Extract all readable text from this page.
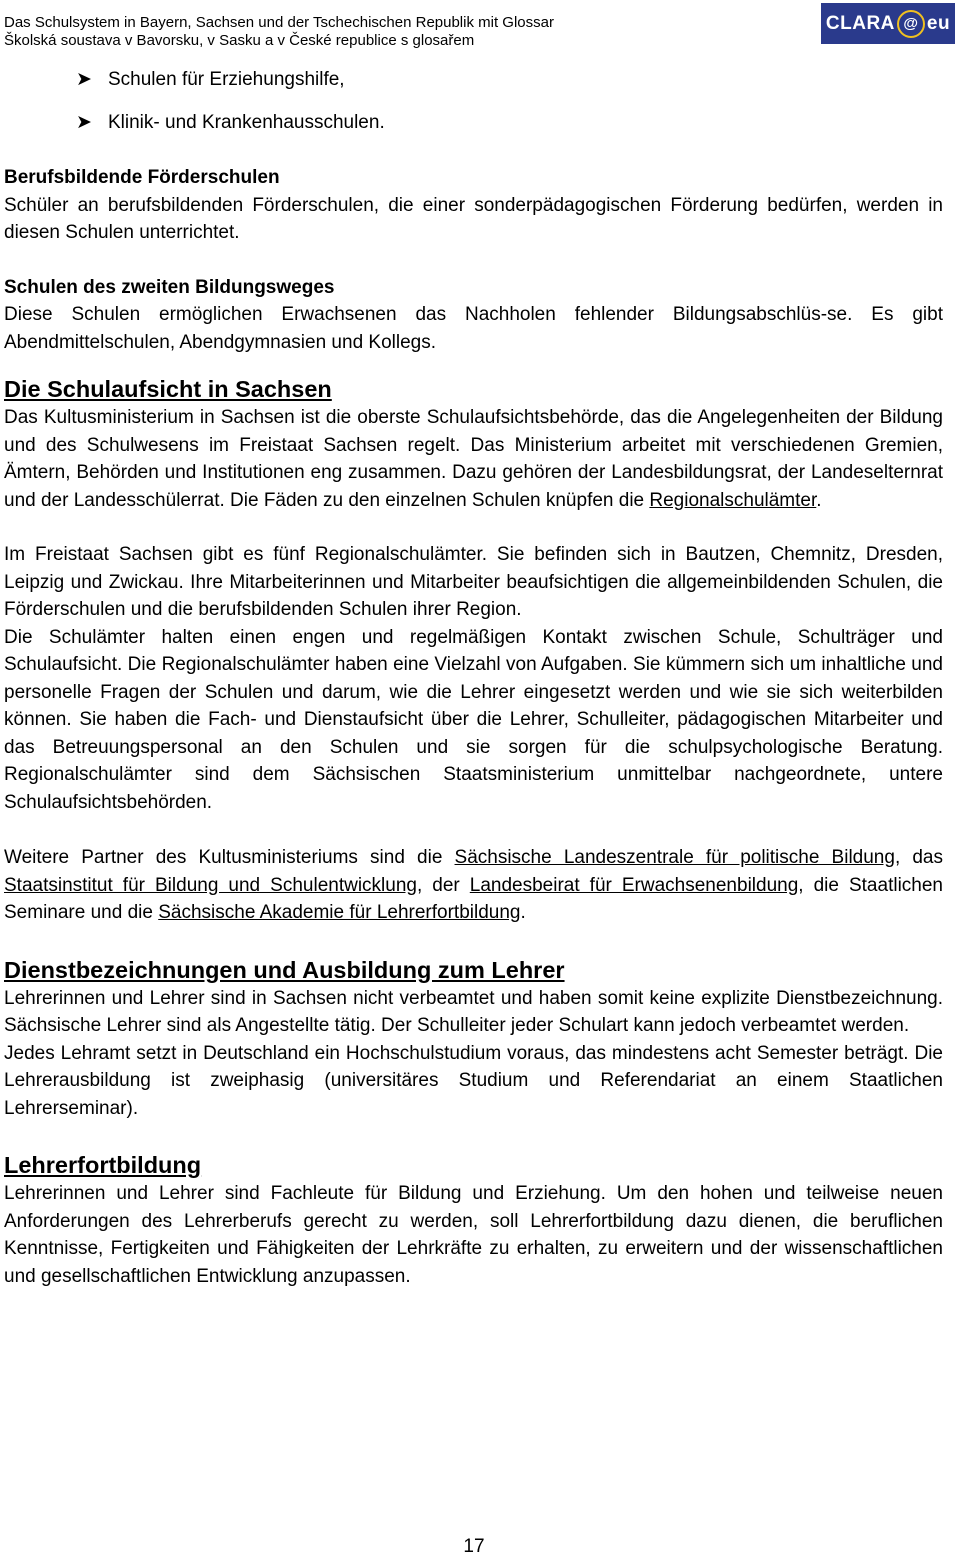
Das Schulsystem in Bayern, Sachsen und der Tschechischen Republik mit Glossar
Školská soustava v Bavorsku, v Sasku a v České republice s glosařem
CLARA @ eu
➤ Schulen für Erziehungshilfe,
➤ Klinik- und Krankenhausschulen.
Berufsbildende Förderschulen

Schüler an berufsbildenden Förderschulen, die einer sonderpädagogischen Förderung bedürfen, werden in diesen Schulen unterrichtet.

Schulen des zweiten Bildungsweges

Diese Schulen ermöglichen Erwachsenen das Nachholen fehlender Bildungsabschlüs-se. Es gibt Abendmittelschulen, Abendgymnasien und Kollegs.

Die Schulaufsicht in Sachsen

Das Kultusministerium in Sachsen ist die oberste Schulaufsichtsbehörde, das die Angelegenheiten der Bildung und des Schulwesens im Freistaat Sachsen regelt. Das Ministerium arbeitet mit verschiedenen Gremien, Ämtern, Behörden und Institutionen eng zusammen. Dazu gehören der Landesbildungsrat, der Landeselternrat und der Landesschülerrat. Die Fäden zu den einzelnen Schulen knüpfen die Regionalschulämter.

Im Freistaat Sachsen gibt es fünf Regionalschulämter. Sie befinden sich in Bautzen, Chemnitz, Dresden, Leipzig und Zwickau. Ihre Mitarbeiterinnen und Mitarbeiter beaufsichtigen die allgemeinbildenden Schulen, die Förderschulen und die berufsbildenden Schulen ihrer Region.

Die Schulämter halten einen engen und regelmäßigen Kontakt zwischen Schule, Schulträger und Schulaufsicht. Die Regionalschulämter haben eine Vielzahl von Aufgaben. Sie kümmern sich um inhaltliche und personelle Fragen der Schulen und darum, wie die Lehrer eingesetzt werden und wie sie sich weiterbilden können. Sie haben die Fach- und Dienstaufsicht über die Lehrer, Schulleiter, pädagogischen Mitarbeiter und das Betreuungspersonal an den Schulen und sie sorgen für die schulpsychologische Beratung. Regionalschulämter sind dem Sächsischen Staatsministerium unmittelbar nachgeordnete, untere Schulaufsichtsbehörden.

Weitere Partner des Kultusministeriums sind die Sächsische Landeszentrale für politische Bildung, das Staatsinstitut für Bildung und Schulentwicklung, der Landesbeirat für Erwachsenenbildung, die Staatlichen Seminare und die Sächsische Akademie für Lehrerfortbildung.

Dienstbezeichnungen und Ausbildung zum Lehrer

Lehrerinnen und Lehrer sind in Sachsen nicht verbeamtet und haben somit keine explizite Dienstbezeichnung. Sächsische Lehrer sind als Angestellte tätig. Der Schulleiter jeder Schulart kann jedoch verbeamtet werden.

Jedes Lehramt setzt in Deutschland ein Hochschulstudium voraus, das mindestens acht Semester beträgt. Die Lehrerausbildung ist zweiphasig (universitäres Studium und Referendariat an einem Staatlichen Lehrerseminar).

Lehrerfortbildung

Lehrerinnen und Lehrer sind Fachleute für Bildung und Erziehung. Um den hohen und teilweise neuen Anforderungen des Lehrerberufs gerecht zu werden, soll Lehrerfortbildung dazu dienen, die beruflichen Kenntnisse, Fertigkeiten und Fähigkeiten der Lehrkräfte zu erhalten, zu erweitern und der wissenschaftlichen und gesellschaftlichen Entwicklung anzupassen.

17
